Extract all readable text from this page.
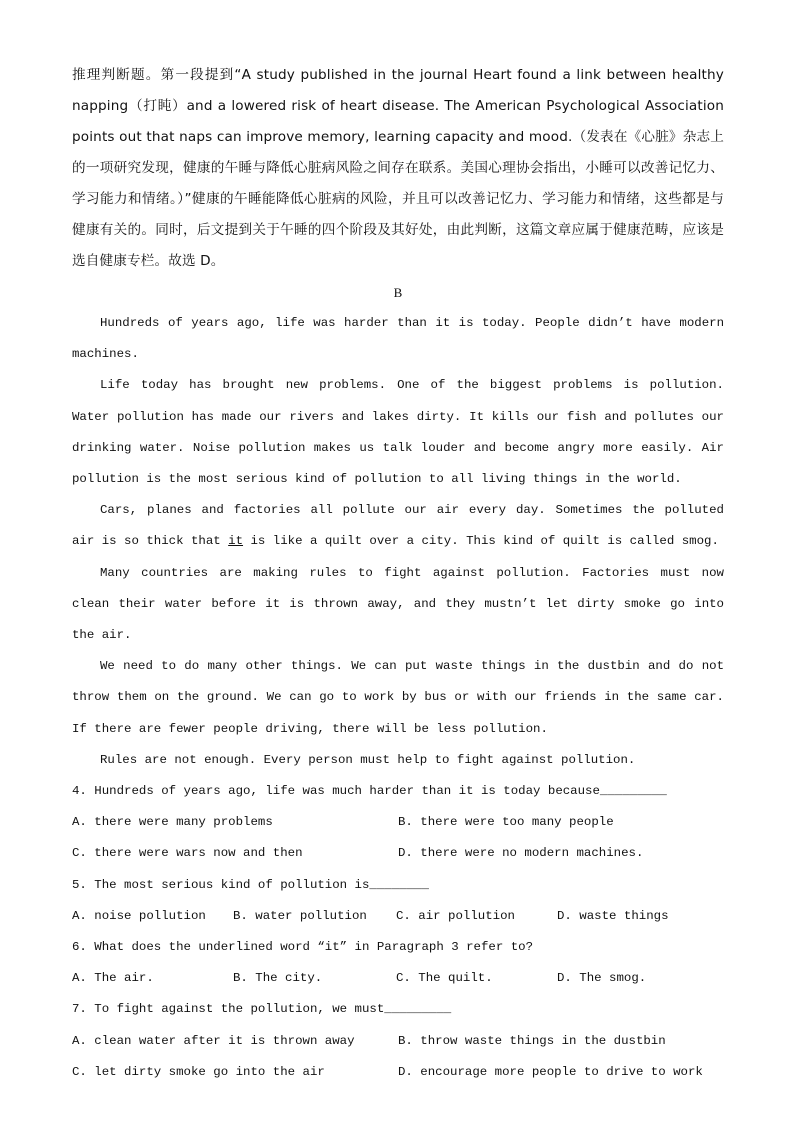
推理判断题。第一段提到“A study published in the journal Heart found a link between healthy napping（打盹）and a lowered risk of heart disease. The American Psychological Association points out that naps can improve memory, learning capacity and mood.（发表在《心脏》杂志上的一项研究发现，健康的午睡与降低心脏病风险之间存在联系。美国心理协会指出，小睡可以改善记忆力、学习能力和情绪。）”健康的午睡能降低心脏病的风险，并且可以改善记忆力、学习能力和情绪，这些都是与健康有关的。同时，后文提到关于午睡的四个阶段及其好处，由此判断，这篇文章应属于健康范畴，应该是选自健康专栏。故选 D。

B

Hundreds of years ago, life was harder than it is today. People didn’t have modern machines.

Life today has brought new problems. One of the biggest problems is pollution. Water pollution has made our rivers and lakes dirty. It kills our fish and pollutes our drinking water. Noise pollution makes us talk louder and become angry more easily. Air pollution is the most serious kind of pollution to all living things in the world.

Cars, planes and factories all pollute our air every day. Sometimes the polluted air is so thick that it is like a quilt over a city. This kind of quilt is called smog.

Many countries are making rules to fight against pollution. Factories must now clean their water before it is thrown away, and they mustn’t let dirty smoke go into the air.

We need to do many other things. We can put waste things in the dustbin and do not throw them on the ground. We can go to work by bus or with our friends in the same car. If there are fewer people driving, there will be less pollution.

Rules are not enough. Every person must help to fight against pollution.

4. Hundreds of years ago, life was much harder than it is today because_________

A. there were many problems	B. there were too many people
C. there were wars now and then	D. there were no modern machines.

5. The most serious kind of pollution is________

A. noise pollution	B. water pollution	C. air pollution	D. waste things

6. What does the underlined word “it” in Paragraph 3 refer to?

A. The air.	B. The city.	C. The quilt.	D. The smog.

7. To fight against the pollution, we must_________

A. clean water after it is thrown away	B. throw waste things in the dustbin
C. let dirty smoke go into the air	D. encourage more people to drive to work
